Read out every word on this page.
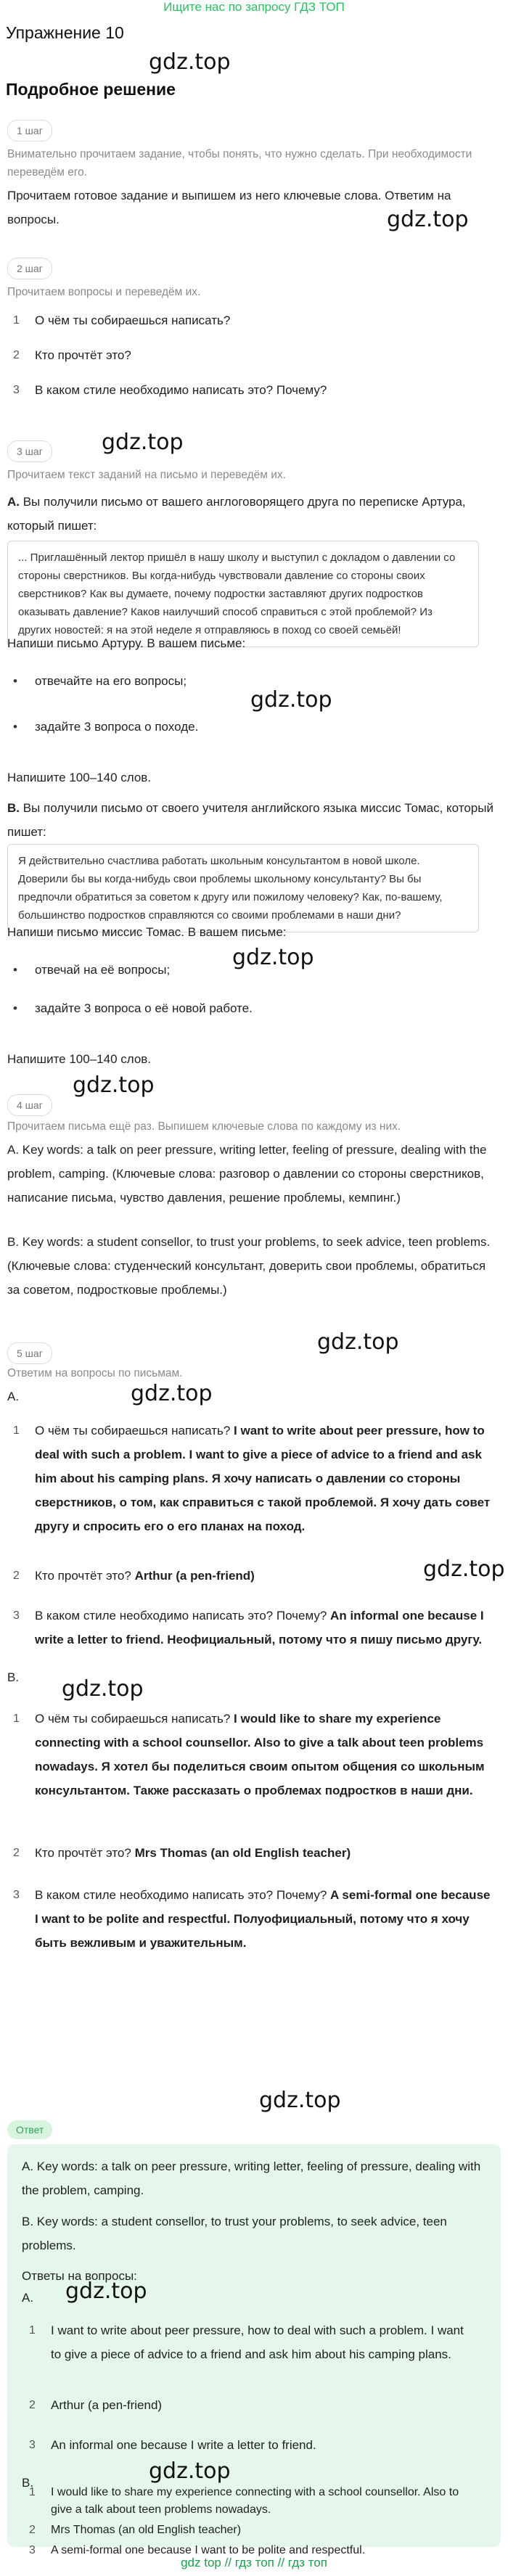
Ищите нас по запросу ГДЗ ТОП
Упражнение 10
gdz.top
Подробное решение
1 шаг
Внимательно прочитаем задание, чтобы понять, что нужно сделать. При необходимости переведём его.
Прочитаем готовое задание и выпишем из него ключевые слова. Ответим на вопросы.	gdz.top
2 шаг
Прочитаем вопросы и переведём их.
1	О чём ты собираешься написать?
2	Кто прочтёт это?
3	В каком стиле необходимо написать это? Почему?
3 шаг	gdz.top
Прочитаем текст заданий на письмо и переведём их.
А. Вы получили письмо от вашего англоговорящего друга по переписке Артура, который пишет:
... Приглашённый лектор пришёл в нашу школу и выступил с докладом о давлении со стороны сверстников. Вы когда-нибудь чувствовали давление со стороны своих сверстников? Как вы думаете, почему подростки заставляют других подростков оказывать давление? Каков наилучший способ справиться с этой проблемой? Из других новостей: я на этой неделе я отправляюсь в поход со своей семьёй!
Напиши письмо Артуру. В вашем письме:
• отвечайте на его вопросы;
gdz.top
• задайте 3 вопроса о походе.
Напишите 100–140 слов.
В. Вы получили письмо от своего учителя английского языка миссис Томас, который пишет:
Я действительно счастлива работать школьным консультантом в новой школе. Доверили бы вы когда-нибудь свои проблемы школьному консультанту? Вы бы предпочли обратиться за советом к другу или пожилому человеку? Как, по-вашему, большинство подростков справляются со своими проблемами в наши дни?
Напиши письмо миссис Томас. В вашем письме:
gdz.top
• отвечай на её вопросы;
• задайте 3 вопроса о её новой работе.
Напишите 100–140 слов.
gdz.top
4 шаг
Прочитаем письма ещё раз. Выпишем ключевые слова по каждому из них.
A. Key words: a talk on peer pressure, writing letter, feeling of pressure, dealing with the problem, camping. (Ключевые слова: разговор о давлении со стороны сверстников, написание письма, чувство давления, решение проблемы, кемпинг.)
B. Key words: a student consellor, to trust your problems, to seek advice, teen problems. (Ключевые слова: студенческий консультант, доверить свои проблемы, обратиться за советом, подростковые проблемы.)
gdz.top
5 шаг
Ответим на вопросы по письмам.
А.	gdz.top
1	О чём ты собираешься написать? I want to write about peer pressure, how to deal with such a problem. I want to give a piece of advice to a friend and ask him about his camping plans. Я хочу написать о давлении со стороны сверстников, о том, как справиться с такой проблемой. Я хочу дать совет другу и спросить его о его планах на поход.
gdz.top
2	Кто прочтёт это? Arthur (a pen-friend)
3	В каком стиле необходимо написать это? Почему? An informal one because I write a letter to friend. Неофициальный, потому что я пишу письмо другу.
B. gdz.top
1	О чём ты собираешься написать? I would like to share my experience connecting with a school counsellor. Also to give a talk about teen problems nowadays. Я хотел бы поделиться своим опытом общения со школьным консультантом. Также рассказать о проблемах подростков в наши дни.
2	Кто прочтёт это? Mrs Thomas (an old English teacher)
3	В каком стиле необходимо написать это? Почему? A semi-formal one because I want to be polite and respectful. Полуофициальный, потому что я хочу быть вежливым и уважительным.
gdz.top
Ответ
A. Key words: a talk on peer pressure, writing letter, feeling of pressure, dealing with the problem, camping.
B. Key words: a student consellor, to trust your problems, to seek advice, teen problems.
Ответы на вопросы:
А. gdz.top
1	I want to write about peer pressure, how to deal with such a problem. I want to give a piece of advice to a friend and ask him about his camping plans.
2	Arthur (a pen-friend)
3	An informal one because I write a letter to friend.
B.	gdz.top
1	I would like to share my experience connecting with a school counsellor. Also to give a talk about teen problems nowadays.
2	Mrs Thomas (an old English teacher)
3	A semi-formal one because I want to be polite and respectful.
gdz top // гдз топ // гдз топ
